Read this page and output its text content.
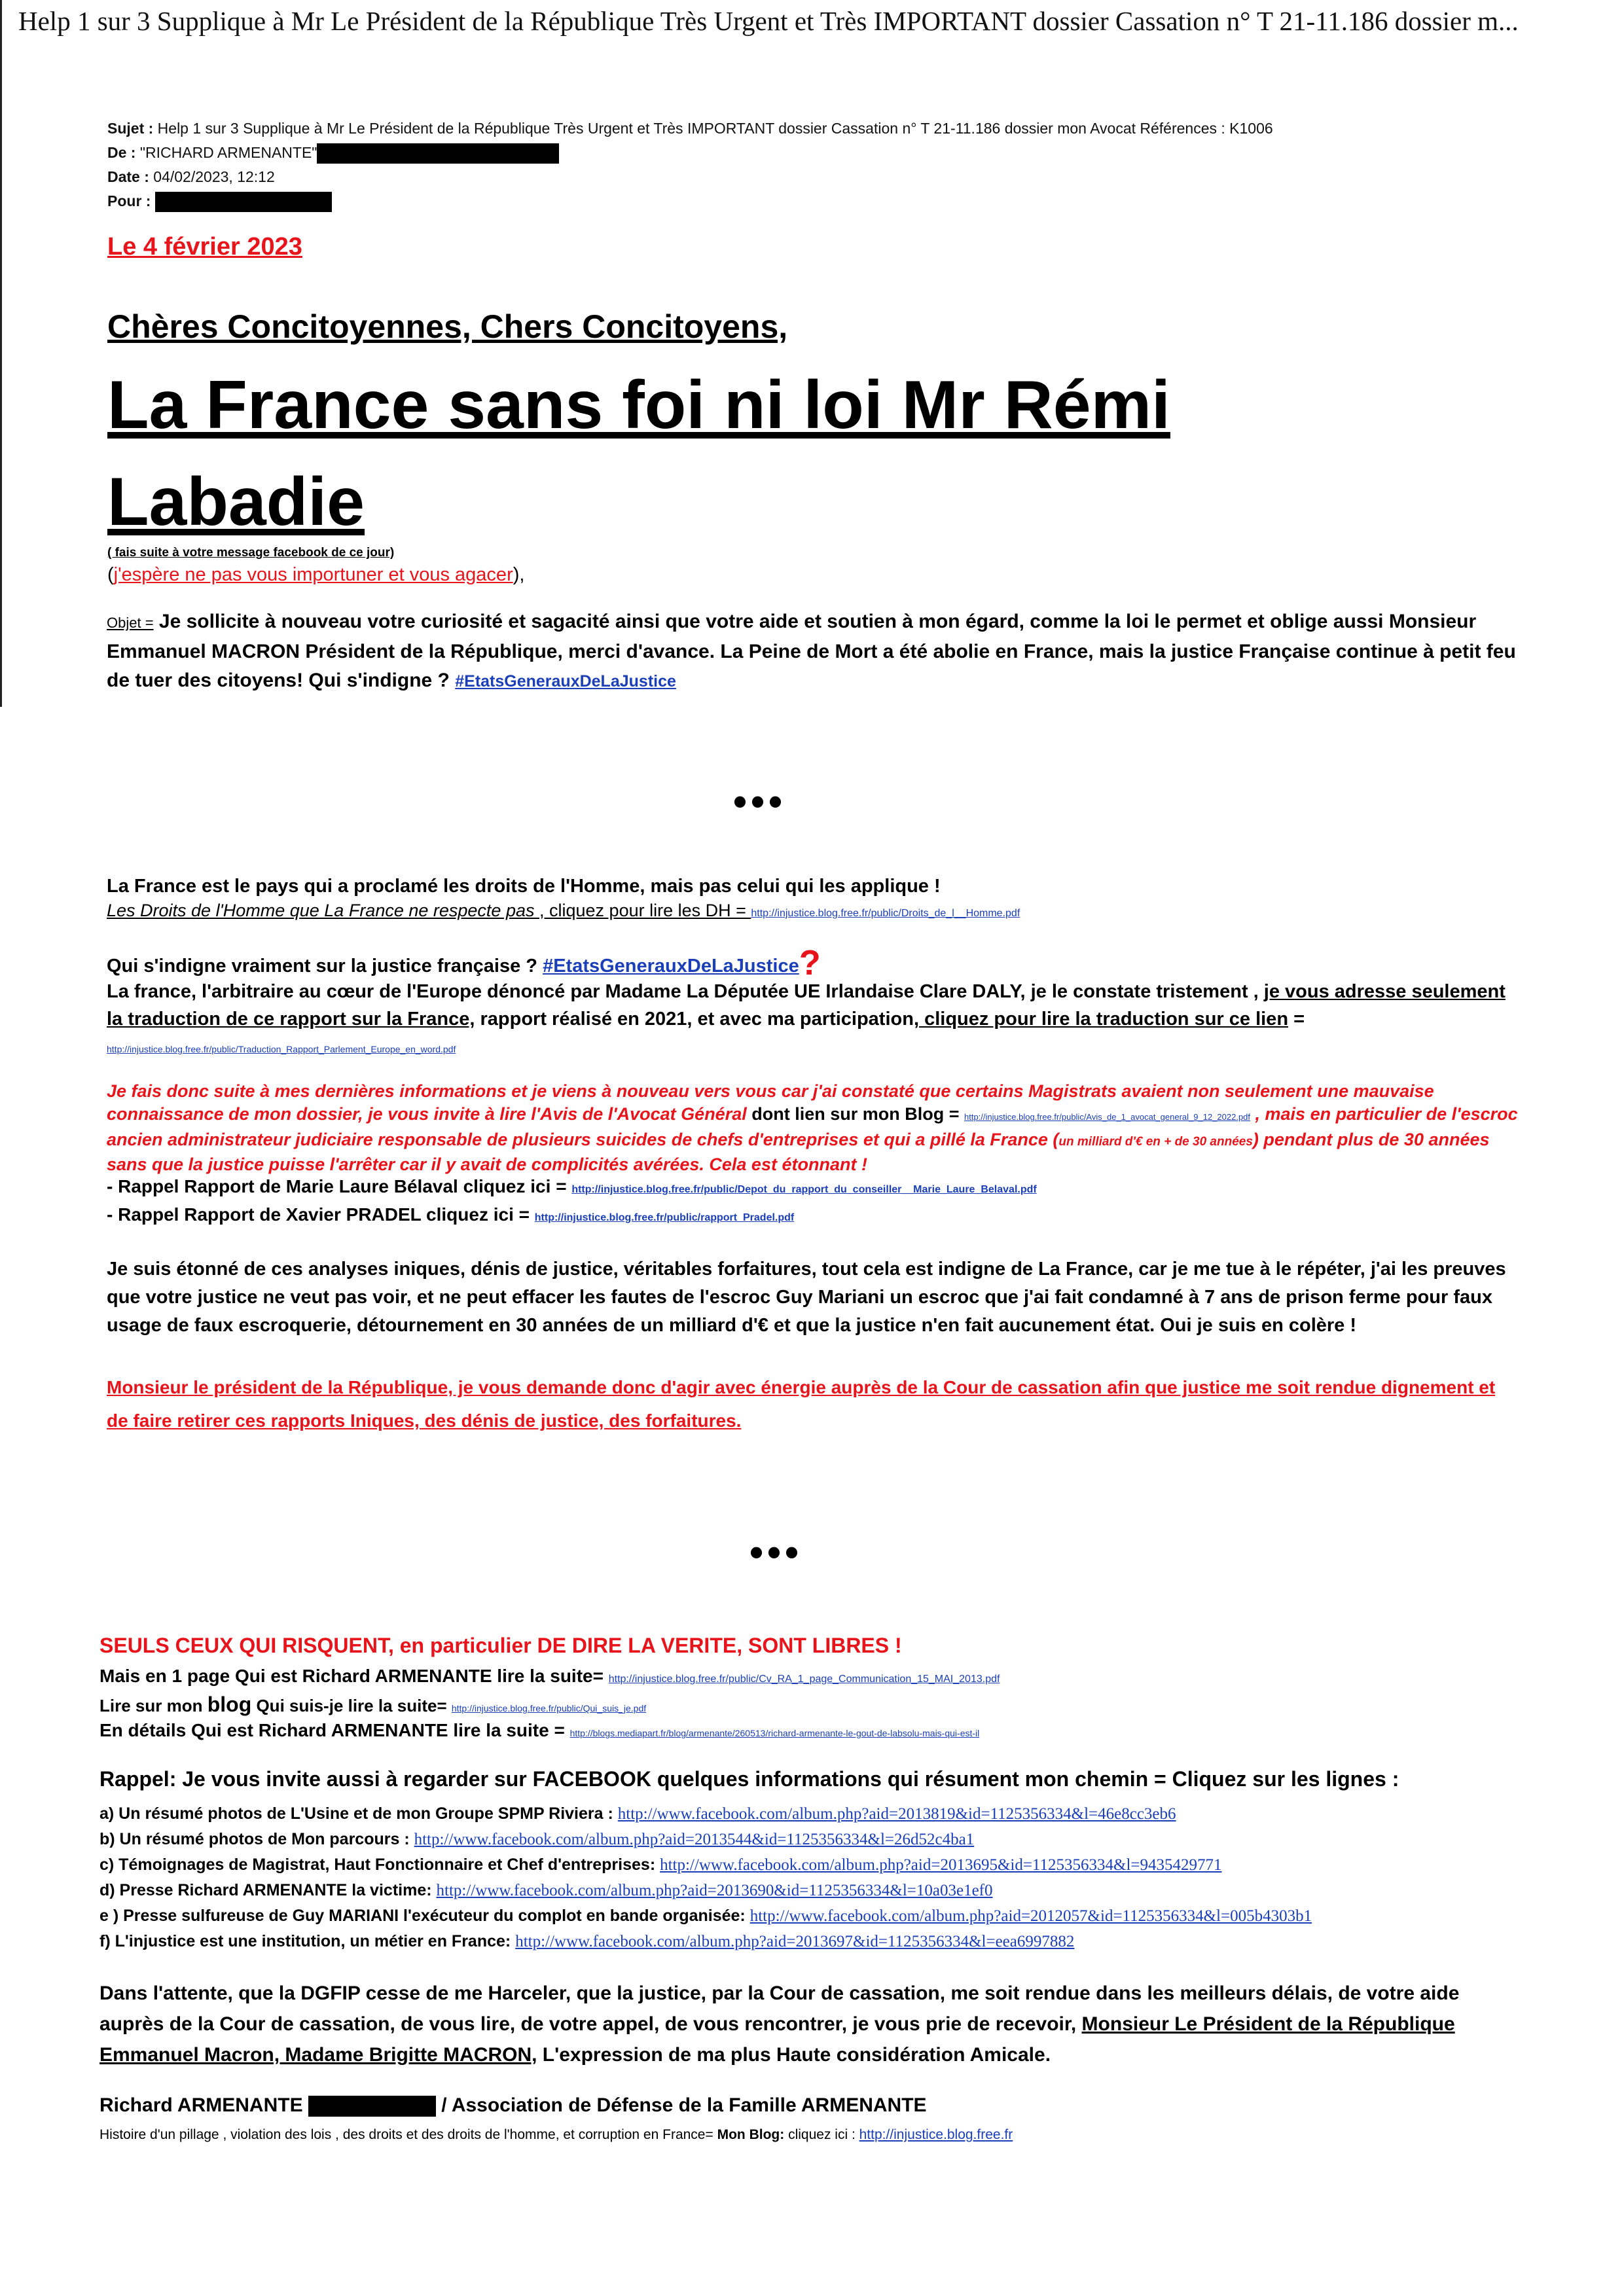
Help 1 sur 3 Supplique à Mr Le Président de la République Très Urgent et Très IMPORTANT dossier Cassation n° T 21-11.186 dossier m...
Sujet : Help 1 sur 3 Supplique à Mr Le Président de la République Très Urgent et Très IMPORTANT dossier Cassation n° T 21-11.186 dossier mon Avocat Références : K1006
De : "RICHARD ARMENANTE"
Date : 04/02/2023, 12:12
Pour :
Le 4 février 2023
Chères Concitoyennes, Chers Concitoyens,
La France sans foi ni loi Mr Rémi Labadie
( fais suite à votre message facebook de ce jour)
(j'espère ne pas vous importuner et vous agacer),
Objet = Je sollicite à nouveau votre curiosité et sagacité ainsi que votre aide et soutien à mon égard, comme la loi le permet et oblige aussi Monsieur Emmanuel MACRON Président de la République, merci d'avance. La Peine de Mort a été abolie en France, mais la justice Française continue à petit feu de tuer des citoyens! Qui s'indigne ? #EtatsGenerauxDeLaJustice
•••
La France est le pays qui a proclamé les droits de l'Homme, mais pas celui qui les applique !
Les Droits de l'Homme que La France ne respecte pas , cliquez pour lire les DH = http://injustice.blog.free.fr/public/Droits_de_l__Homme.pdf
Qui s'indigne vraiment sur la justice française ? #EtatsGenerauxDeLaJustice?
La france, l'arbitraire au cœur de l'Europe dénoncé par Madame La Députée UE Irlandaise Clare DALY, je le constate tristement , je vous adresse seulement la traduction de ce rapport sur la France, rapport réalisé en 2021, et avec ma participation, cliquez pour lire la traduction sur ce lien = http://injustice.blog.free.fr/public/Traduction_Rapport_Parlement_Europe_en_word.pdf
Je fais donc suite à mes dernières informations et je viens à nouveau vers vous car j'ai constaté que certains Magistrats avaient non seulement une mauvaise connaissance de mon dossier, je vous invite à lire l'Avis de l'Avocat Général dont lien sur mon Blog = http://injustice.blog.free.fr/public/Avis_de_1_avocat_general_9_12_2022.pdf , mais en particulier de l'escroc ancien administrateur judiciaire responsable de plusieurs suicides de chefs d'entreprises et qui a pillé la France (un milliard d'€ en + de 30 années) pendant plus de 30 années sans que la justice puisse l'arrêter car il y avait de complicités avérées. Cela est étonnant !
- Rappel Rapport de Marie Laure Bélaval cliquez ici = http://injustice.blog.free.fr/public/Depot_du_rapport_du_conseiller__Marie_Laure_Belaval.pdf
- Rappel Rapport de Xavier PRADEL cliquez ici = http://injustice.blog.free.fr/public/rapport_Pradel.pdf
Je suis étonné de ces analyses iniques, dénis de justice, véritables forfaitures, tout cela est indigne de La France, car je me tue à le répéter, j'ai les preuves que votre justice ne veut pas voir, et ne peut effacer les fautes de l'escroc Guy Mariani un escroc que j'ai fait condamné à 7 ans de prison ferme pour faux usage de faux escroquerie, détournement en 30 années de un milliard d'€ et que la justice n'en fait aucunement état. Oui je suis en colère !
Monsieur le président de la République, je vous demande donc d'agir avec énergie auprès de la Cour de cassation afin que justice me soit rendue dignement et de faire retirer ces rapports Iniques, des dénis de justice, des forfaitures.
•••
SEULS CEUX QUI RISQUENT, en particulier DE DIRE LA VERITE, SONT LIBRES !
Mais en 1 page Qui est Richard ARMENANTE lire la suite= http://injustice.blog.free.fr/public/Cv_RA_1_page_Communication_15_MAI_2013.pdf
Lire sur mon blog Qui suis-je lire la suite= http://injustice.blog.free.fr/public/Qui_suis_je.pdf
En détails Qui est Richard ARMENANTE lire la suite = http://blogs.mediapart.fr/blog/armenante/260513/richard-armenante-le-gout-de-labsolu-mais-qui-est-il
Rappel: Je vous invite aussi à regarder sur FACEBOOK quelques informations qui résument mon chemin = Cliquez sur les lignes :
a) Un résumé photos de L'Usine et de mon Groupe SPMP Riviera : http://www.facebook.com/album.php?aid=2013819&id=1125356334&l=46e8cc3eb6
b) Un résumé photos de Mon parcours : http://www.facebook.com/album.php?aid=2013544&id=1125356334&l=26d52c4ba1
c) Témoignages de Magistrat, Haut Fonctionnaire et Chef d'entreprises: http://www.facebook.com/album.php?aid=2013695&id=1125356334&l=9435429771
d) Presse Richard ARMENANTE la victime: http://www.facebook.com/album.php?aid=2013690&id=1125356334&l=10a03e1ef0
e ) Presse sulfureuse de Guy MARIANI l'exécuteur du complot en bande organisée: http://www.facebook.com/album.php?aid=2012057&id=1125356334&l=005b4303b1
f) L'injustice est une institution, un métier en France: http://www.facebook.com/album.php?aid=2013697&id=1125356334&l=eea6997882
Dans l'attente, que la DGFIP cesse de me Harceler, que la justice, par la Cour de cassation, me soit rendue dans les meilleurs délais, de votre aide auprès de la Cour de cassation, de vous lire, de votre appel, de vous rencontrer, je vous prie de recevoir, Monsieur Le Président de la République Emmanuel Macron, Madame Brigitte MACRON, L'expression de ma plus Haute considération Amicale.
Richard ARMENANTE	/ Association de Défense de la Famille ARMENANTE
Histoire d'un pillage , violation des lois , des droits et des droits de l'homme, et corruption en France= Mon Blog: cliquez ici : http://injustice.blog.free.fr
